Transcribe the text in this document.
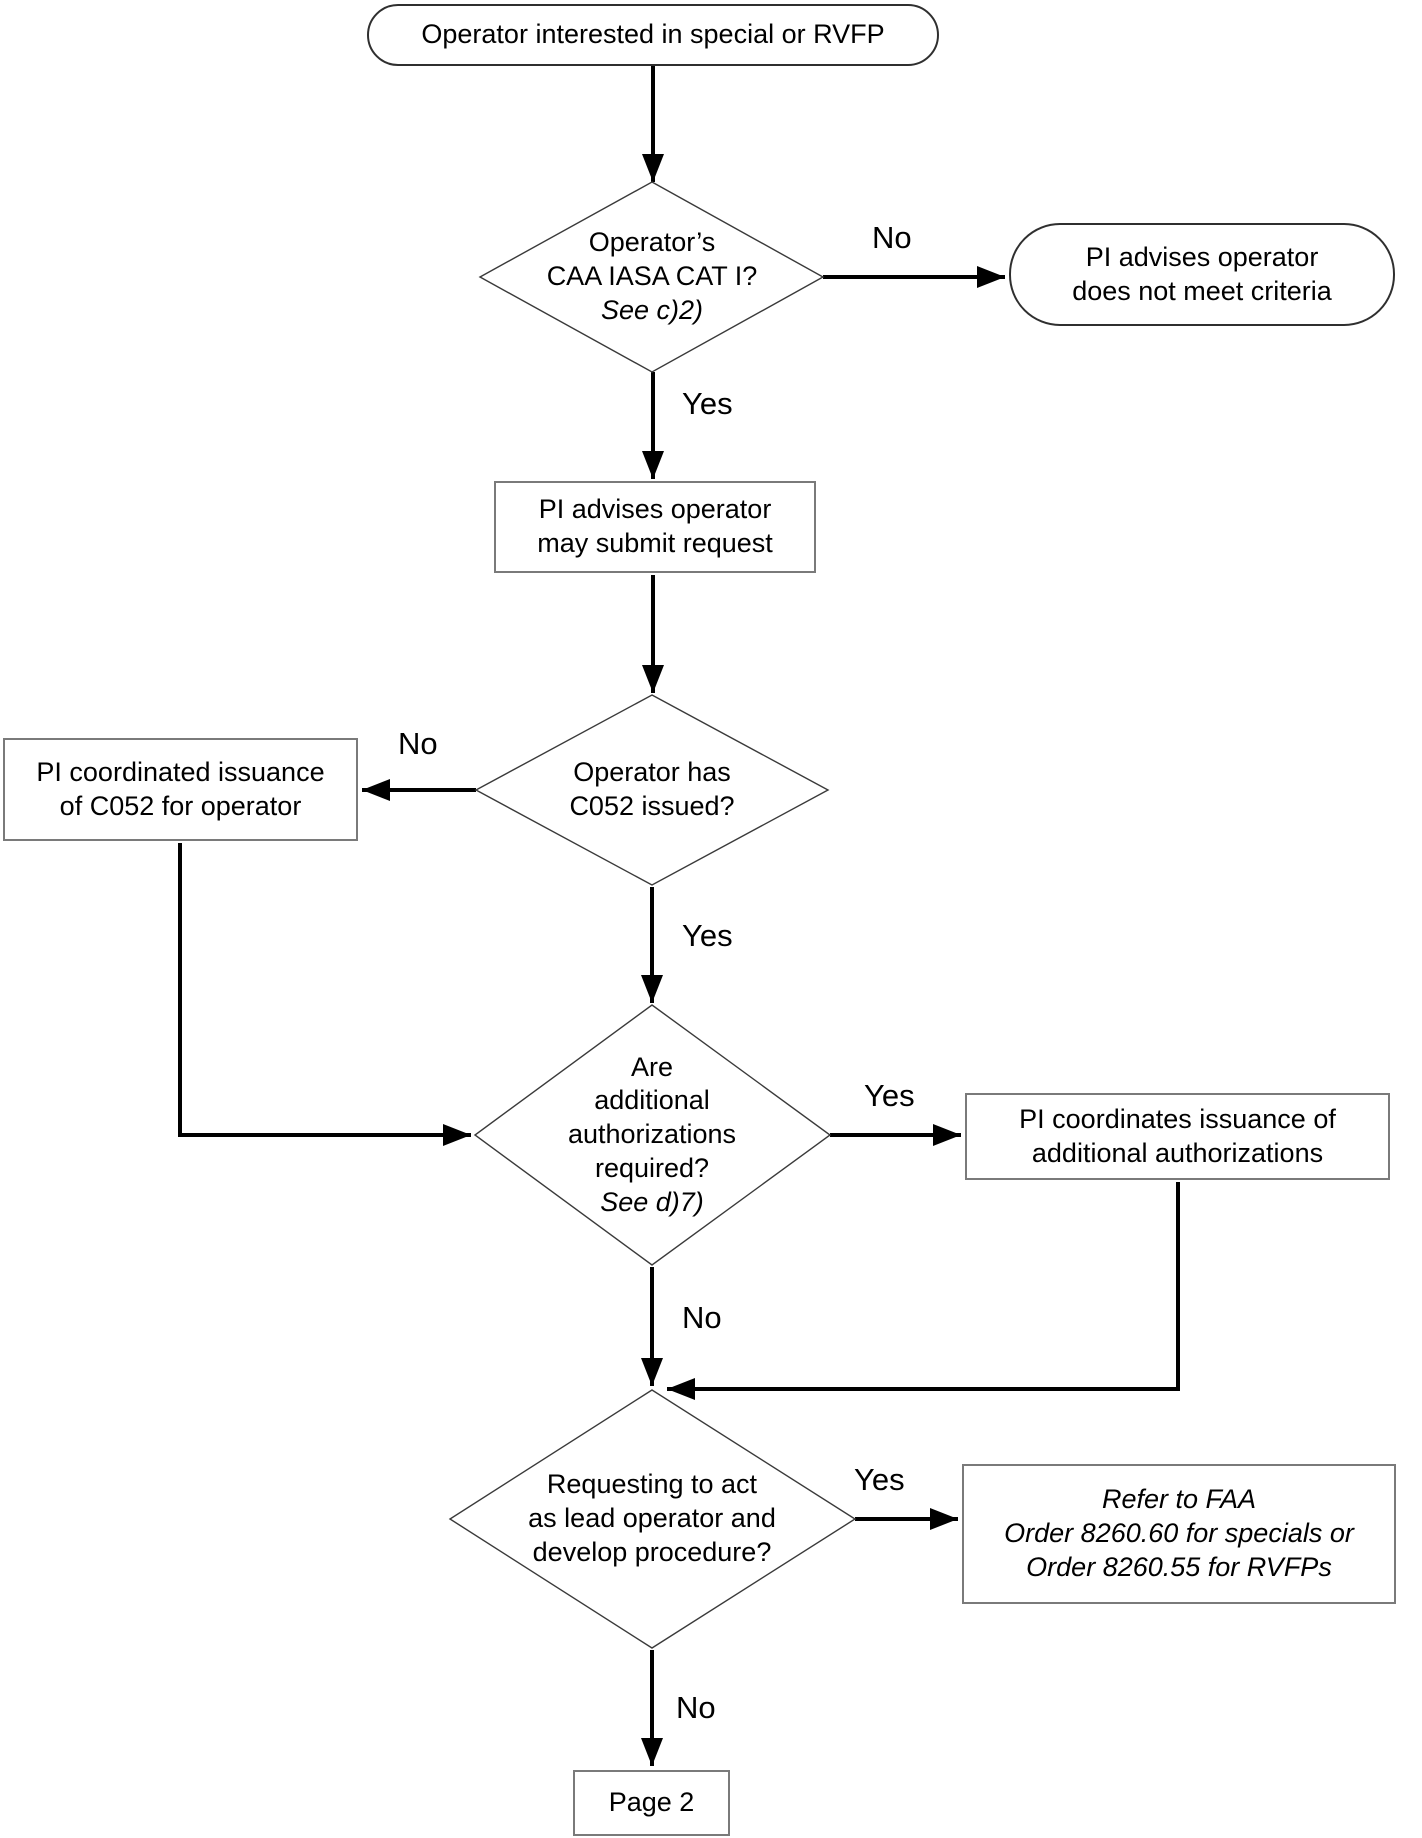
Operator interested in special or RVFP
Operator’s
CAA IASA CAT I?
See c)2)
No
PI advises operator
does not meet criteria
Yes
PI advises operator
may submit request
Operator has
C052 issued?
No
PI coordinated issuance
of C052 for operator
Yes
Are
additional
authorizations
required?
See d)7)
Yes
PI coordinates issuance of
additional authorizations
No
Requesting to act
as lead operator and
develop procedure?
Yes
Refer to FAA
Order 8260.60 for specials or
Order 8260.55 for RVFPs
No
Page 2
